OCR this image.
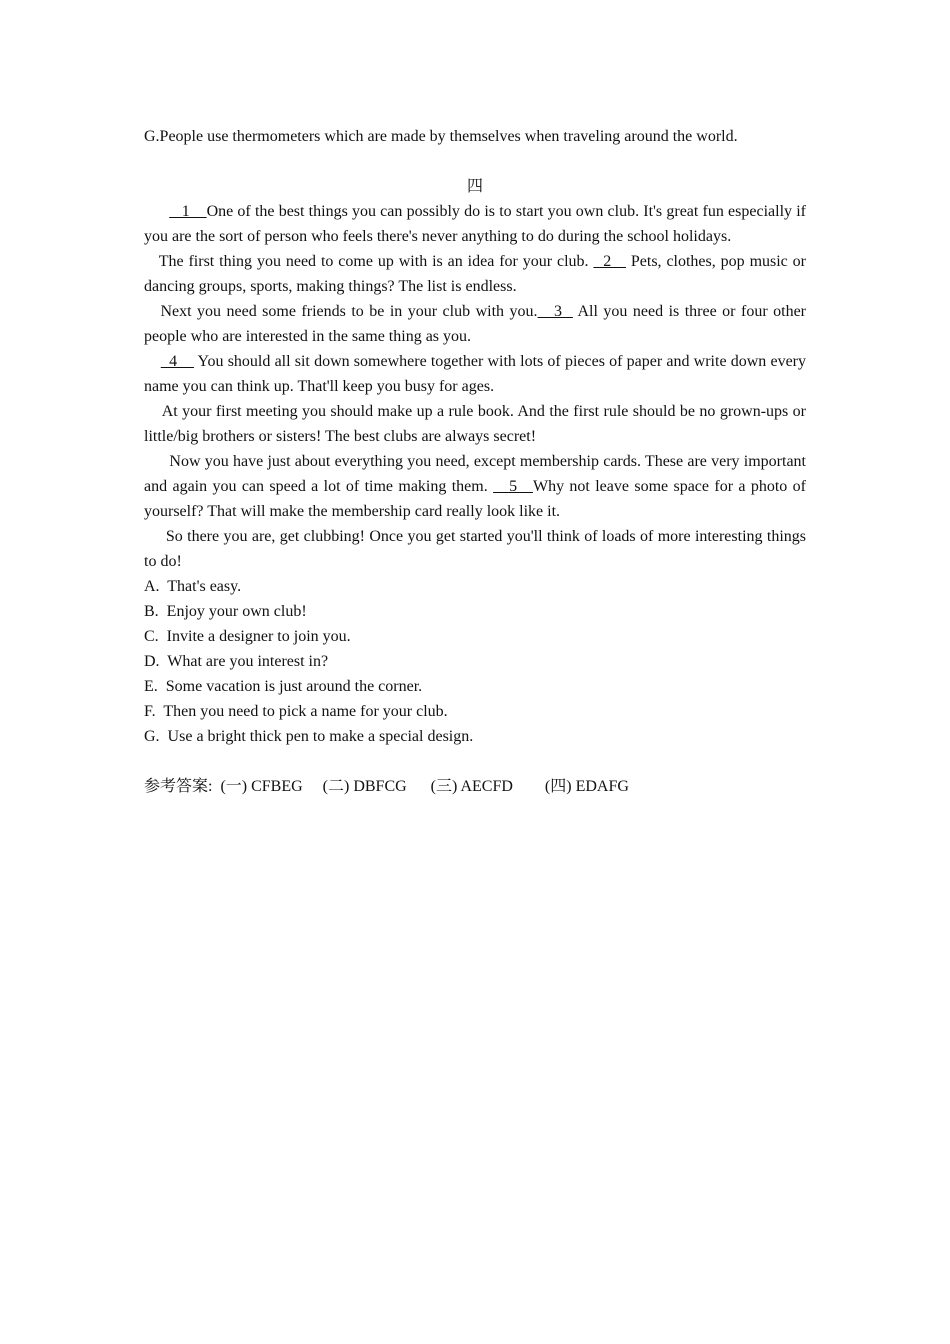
G.People use thermometers which are made by themselves when traveling around the world.

四

1    One of the best things you can possibly do is to start you own club. It's great fun especially if you are the sort of person who feels there's never anything to do during the school holidays.

The first thing you need to come up with is an idea for your club.   2    Pets, clothes, pop music or dancing groups, sports, making things? The list is endless.

Next you need some friends to be in your club with you.   3   All you need is three or four other people who are interested in the same thing as you.

4     You should all sit down somewhere together with lots of pieces of paper and write down every name you can think up. That'll keep you busy for ages.

At your first meeting you should make up a rule book. And the first rule should be no grown-ups or little/big brothers or sisters! The best clubs are always secret!

Now you have just about everything you need, except membership cards. These are very important and again you can speed a lot of time making them.    5   Why not leave some space for a photo of yourself? That will make the membership card really look like it.

So there you are, get clubbing! Once you get started you'll think of loads of more interesting things to do!

A.  That's easy.

B.  Enjoy your own club!

C.  Invite a designer to join you.

D.  What are you interest in?

E.  Some vacation is just around the corner.

F.  Then you need to pick a name for your club.

G.  Use a bright thick pen to make a special design.

参考答案:  (一) CFBEG     (二) DBFCG      (三) AECFD        (四) EDAFG
